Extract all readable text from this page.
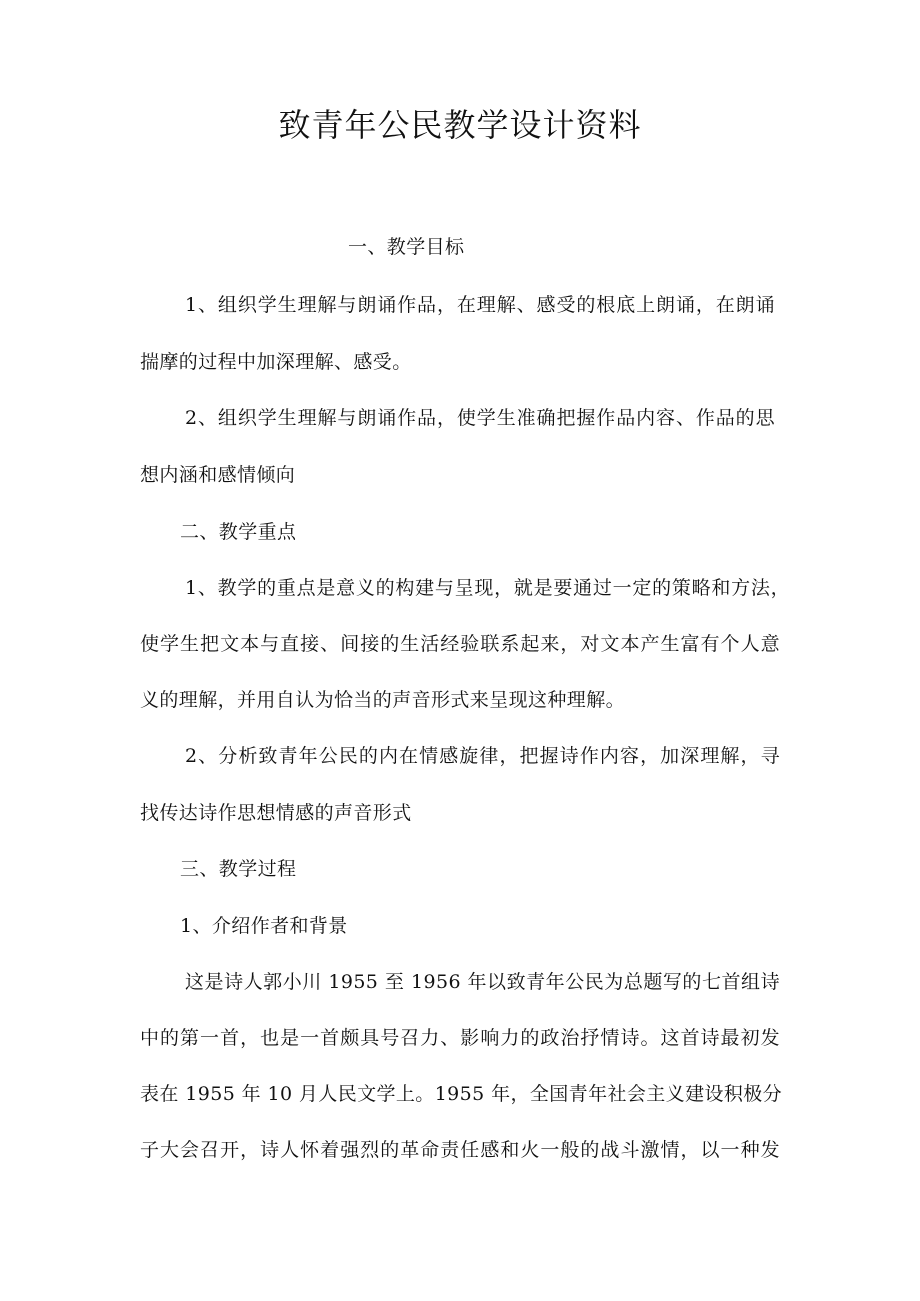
致青年公民教学设计资料
一、教学目标
1、组织学生理解与朗诵作品，在理解、感受的根底上朗诵，在朗诵
揣摩的过程中加深理解、感受。
2、组织学生理解与朗诵作品，使学生准确把握作品内容、作品的思
想内涵和感情倾向
二、教学重点
1、教学的重点是意义的构建与呈现，就是要通过一定的策略和方法，
使学生把文本与直接、间接的生活经验联系起来，对文本产生富有个人意
义的理解，并用自认为恰当的声音形式来呈现这种理解。
2、分析致青年公民的内在情感旋律，把握诗作内容，加深理解，寻
找传达诗作思想情感的声音形式
三、教学过程
1、介绍作者和背景
这是诗人郭小川 1955 至 1956 年以致青年公民为总题写的七首组诗
中的第一首，也是一首颇具号召力、影响力的政治抒情诗。这首诗最初发
表在 1955 年 10 月人民文学上。1955 年，全国青年社会主义建设积极分
子大会召开，诗人怀着强烈的革命责任感和火一般的战斗激情，以一种发
